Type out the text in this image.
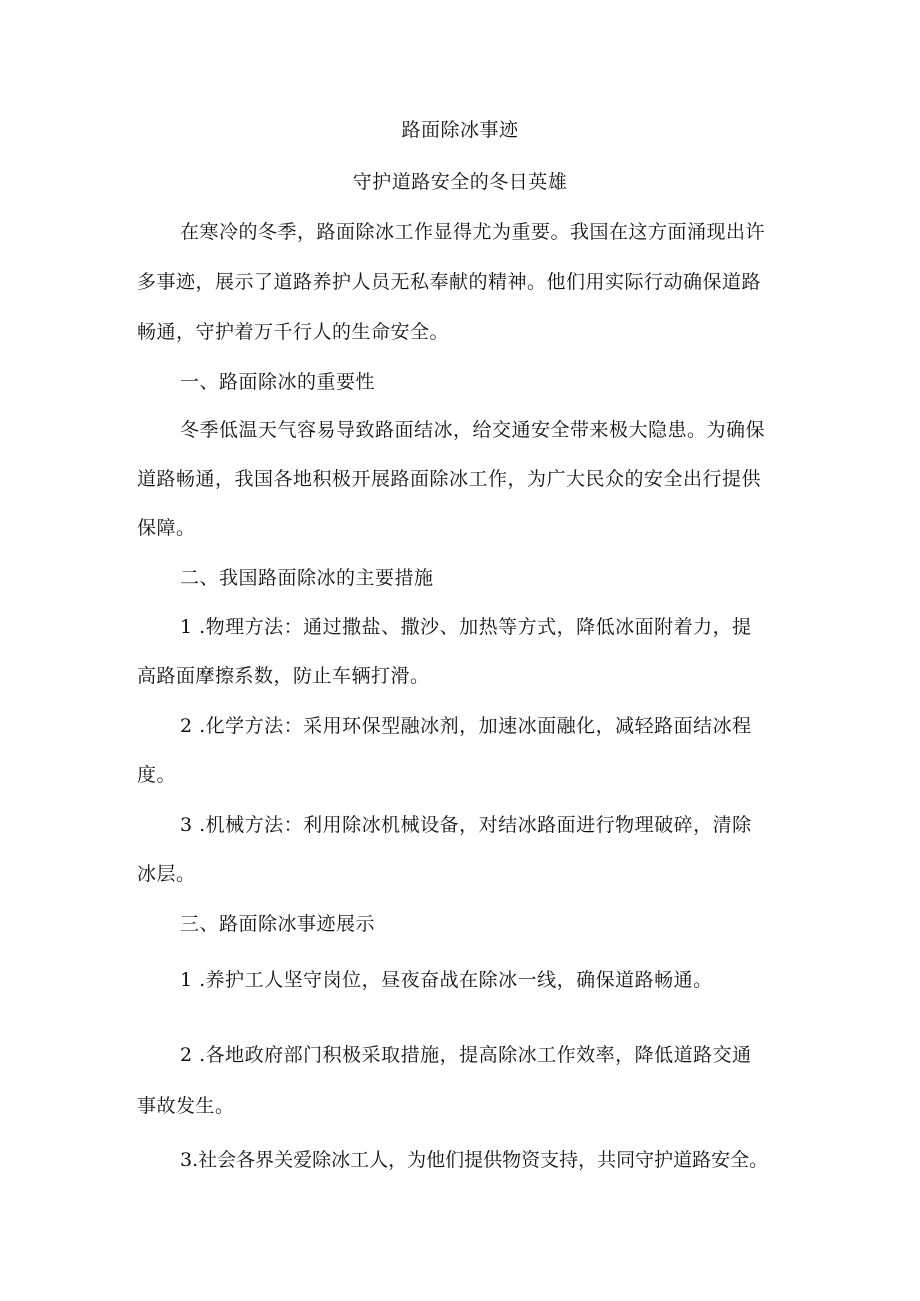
路面除冰事迹
守护道路安全的冬日英雄
在寒冷的冬季，路面除冰工作显得尤为重要。我国在这方面涌现出许
多事迹，展示了道路养护人员无私奉献的精神。他们用实际行动确保道路
畅通，守护着万千行人的生命安全。
一、路面除冰的重要性
冬季低温天气容易导致路面结冰，给交通安全带来极大隐患。为确保
道路畅通，我国各地积极开展路面除冰工作，为广大民众的安全出行提供
保障。
二、我国路面除冰的主要措施
1 .物理方法：通过撒盐、撒沙、加热等方式，降低冰面附着力，提
高路面摩擦系数，防止车辆打滑。
2 .化学方法：采用环保型融冰剂，加速冰面融化，减轻路面结冰程
度。
3 .机械方法：利用除冰机械设备，对结冰路面进行物理破碎，清除
冰层。
三、路面除冰事迹展示
1 .养护工人坚守岗位，昼夜奋战在除冰一线，确保道路畅通。
2 .各地政府部门积极采取措施，提高除冰工作效率，降低道路交通
事故发生。
3.社会各界关爱除冰工人，为他们提供物资支持，共同守护道路安全。
